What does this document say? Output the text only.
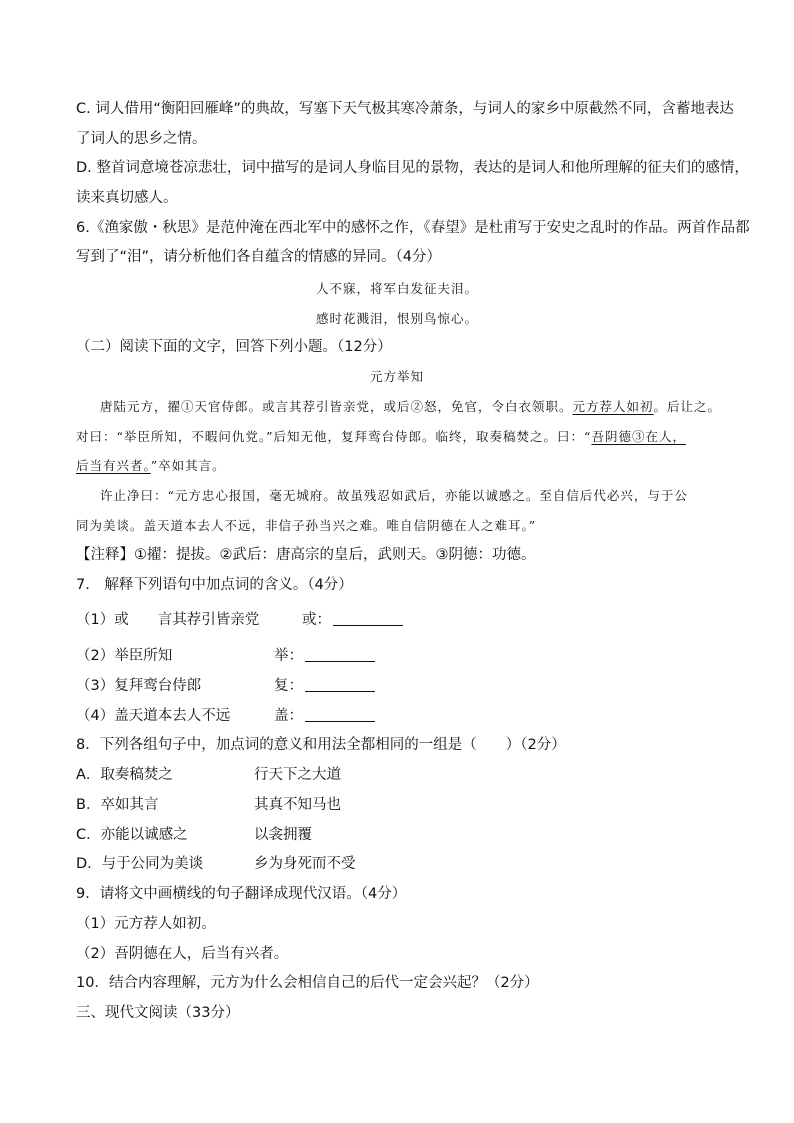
C. 词人借用“衡阳回雁峰”的典故，写塞下天气极其寒冷萧条，与词人的家乡中原截然不同，含蓄地表达
了词人的思乡之情。
D. 整首词意境苍凉悲壮，词中描写的是词人身临目见的景物，表达的是词人和他所理解的征夫们的感情，
读来真切感人。
6.《渔家傲・秋思》是范仲淹在西北军中的感怀之作，《春望》是杜甫写于安史之乱时的作品。两首作品都
写到了“泪”，请分析他们各自蕴含的情感的异同。（4分）
人不寐，将军白发征夫泪。
感时花溅泪，恨别鸟惊心。
（二）阅读下面的文字，回答下列小题。（12分）
元方举知
唐陆元方，擢①天官侍郎。或言其荐引皆亲党，或后②怒，免官，令白衣领职。元方荐人如初。后让之。
对曰：“举臣所知，不暇问仇党。”后知无他，复拜鸾台侍郎。临终，取奏稿焚之。曰：“吾阴德③在人，
后当有兴者。”卒如其言。
许止净曰：“元方忠心报国，毫无城府。故虽残忍如武后，亦能以诚感之。至自信后代必兴，与于公
同为美谈。盖天道本去人不远，非信子孙当兴之难。唯自信阴德在人之难耳。”
【注释】①擢：提拔。②武后：唐高宗的皇后，武则天。③阴德：功德。
7.　解释下列语句中加点词的含义。（4分）
（1）或　　言其荐引皆亲党	或：
（2）举臣所知	举：
（3）复拜鸾台侍郎	复：
（4）盖天道本去人不远	盖：
8．下列各组句子中，加点词的意义和用法全都相同的一组是（　　）（2分）
A．取奏稿焚之	行天下之大道
B．卒如其言	其真不知马也
C．亦能以诚感之	以衾拥覆
D．与于公同为美谈	乡为身死而不受
9．请将文中画横线的句子翻译成现代汉语。（4分）
（1）元方荐人如初。
（2）吾阴德在人，后当有兴者。
10．结合内容理解，元方为什么会相信自己的后代一定会兴起？（2分）
三、现代文阅读（33分）
